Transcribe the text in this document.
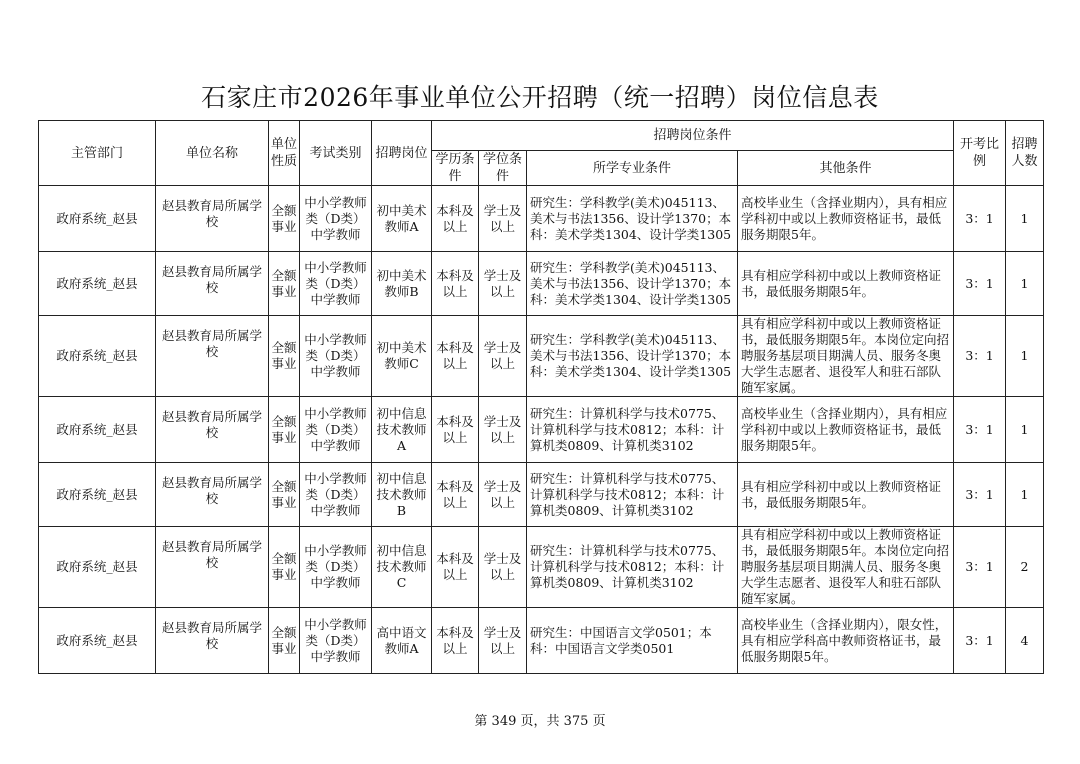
石家庄市2026年事业单位公开招聘（统一招聘）岗位信息表
主管部门	单位名称	单位性质	考试类别	招聘岗位	招聘岗位条件				开考比例	招聘人数
					学历条件	学位条件	所学专业条件	其他条件		
政府系统_赵县	赵县教育局所属学校	全额事业	中小学教师类（D类）中学教师	初中美术教师A	本科及以上	学士及以上	研究生：学科教学(美术)045113、美术与书法1356、设计学1370；本科：美术学类1304、设计学类1305	高校毕业生（含择业期内），具有相应学科初中或以上教师资格证书，最低服务期限5年。	3：1	1
政府系统_赵县	赵县教育局所属学校	全额事业	中小学教师类（D类）中学教师	初中美术教师B	本科及以上	学士及以上	研究生：学科教学(美术)045113、美术与书法1356、设计学1370；本科：美术学类1304、设计学类1305	具有相应学科初中或以上教师资格证书，最低服务期限5年。	3：1	1
政府系统_赵县	赵县教育局所属学校	全额事业	中小学教师类（D类）中学教师	初中美术教师C	本科及以上	学士及以上	研究生：学科教学(美术)045113、美术与书法1356、设计学1370；本科：美术学类1304、设计学类1305	具有相应学科初中或以上教师资格证书，最低服务期限5年。本岗位定向招聘服务基层项目期满人员、服务冬奥大学生志愿者、退役军人和驻石部队随军家属。	3：1	1
政府系统_赵县	赵县教育局所属学校	全额事业	中小学教师类（D类）中学教师	初中信息技术教师A	本科及以上	学士及以上	研究生：计算机科学与技术0775、计算机科学与技术0812；本科：计算机类0809、计算机类3102	高校毕业生（含择业期内），具有相应学科初中或以上教师资格证书，最低服务期限5年。	3：1	1
政府系统_赵县	赵县教育局所属学校	全额事业	中小学教师类（D类）中学教师	初中信息技术教师B	本科及以上	学士及以上	研究生：计算机科学与技术0775、计算机科学与技术0812；本科：计算机类0809、计算机类3102	具有相应学科初中或以上教师资格证书，最低服务期限5年。	3：1	1
政府系统_赵县	赵县教育局所属学校	全额事业	中小学教师类（D类）中学教师	初中信息技术教师C	本科及以上	学士及以上	研究生：计算机科学与技术0775、计算机科学与技术0812；本科：计算机类0809、计算机类3102	具有相应学科初中或以上教师资格证书，最低服务期限5年。本岗位定向招聘服务基层项目期满人员、服务冬奥大学生志愿者、退役军人和驻石部队随军家属。	3：1	2
政府系统_赵县	赵县教育局所属学校	全额事业	中小学教师类（D类）中学教师	高中语文教师A	本科及以上	学士及以上	研究生：中国语言文学0501；本科：中国语言文学类0501	高校毕业生（含择业期内），限女性，具有相应学科高中教师资格证书，最低服务期限5年。	3：1	4
第 349 页，共 375 页
